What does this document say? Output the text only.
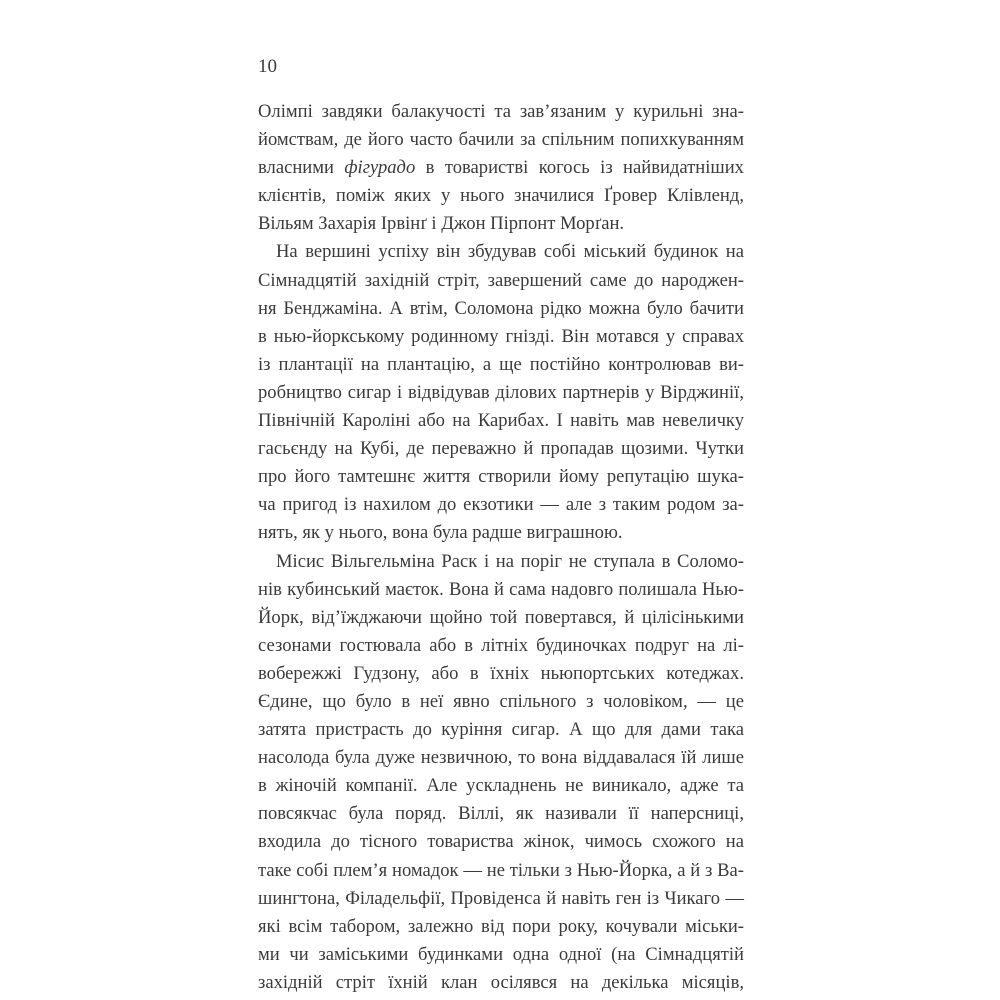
10
Олімпі завдяки балакучості та зав’язаним у курильні зна-
йомствам, де його часто бачили за спільним попихкуванням
власними фігурадо в товаристві когось із найвидатніших
клієнтів, поміж яких у нього значилися Ґровер Клівленд,
Вільям Захарія Ірвінґ і Джон Пірпонт Морґан.
На вершині успіху він збудував собі міський будинок на
Сімнадцятій західній стріт, завершений саме до народжен-
ня Бенджаміна. А втім, Соломона рідко можна було бачити
в нью-йоркському родинному гнізді. Він мотався у справах
із плантації на плантацію, а ще постійно контролював ви-
робництво сигар і відвідував ділових партнерів у Вірджинії,
Північній Кароліні або на Карибах. І навіть мав невеличку
гасьєнду на Кубі, де переважно й пропадав щозими. Чутки
про його тамтешнє життя створили йому репутацію шука-
ча пригод із нахилом до екзотики — але з таким родом за-
нять, як у нього, вона була радше виграшною.
Місис Вільгельміна Раск і на поріг не ступала в Соломо-
нів кубинський маєток. Вона й сама надовго полишала Нью-
Йорк, від’їжджаючи щойно той повертався, й цілісінькими
сезонами гостювала або в літніх будиночках подруг на лі-
вобережжі Гудзону, або в їхніх ньюпортських котеджах.
Єдине, що було в неї явно спільного з чоловіком, — це
затята пристрасть до куріння сигар. А що для дами така
насолода була дуже незвичною, то вона віддавалася їй лише
в жіночій компанії. Але ускладнень не виникало, адже та
повсякчас була поряд. Віллі, як називали її наперсниці,
входила до тісного товариства жінок, чимось схожого на
таке собі плем’я номадок — не тільки з Нью-Йорка, а й з Ва-
шингтона, Філадельфії, Провіденса й навіть ген із Чикаго —
які всім табором, залежно від пори року, кочували міськи-
ми чи заміськими будинками одна одної (на Сімнадцятій
західній стріт їхній клан осілявся на декілька місяців,
